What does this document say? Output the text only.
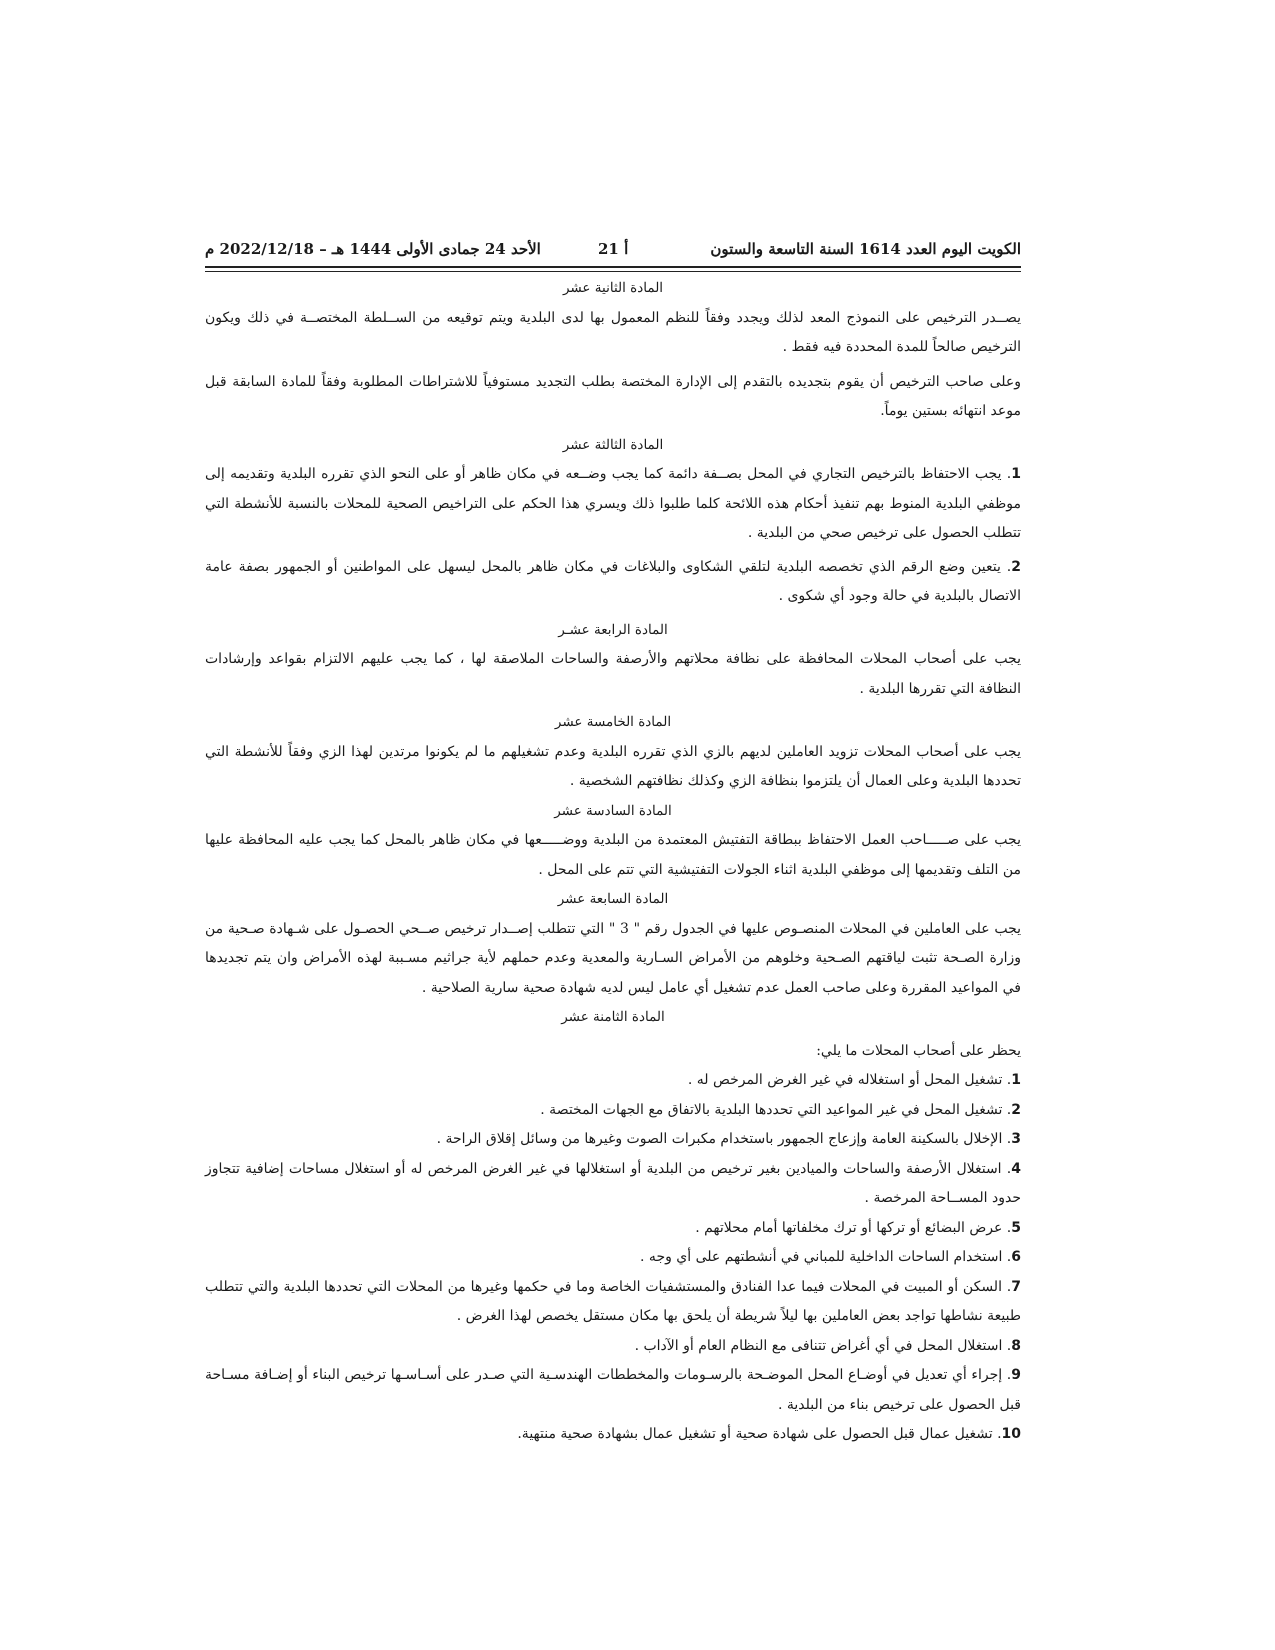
الكويت اليوم العدد 1614 السنة التاسعة والستون
أ 21
الأحد 24 جمادى الأولى 1444 هـ – 2022/12/18 م

المادة الثانية عشر

يصــدر الترخيص على النموذج المعد لذلك ويجدد وفقاً للنظم المعمول بها لدى البلدية ويتم توقيعه من الســلطة المختصــة في ذلك ويكون الترخيص صالحاً للمدة المحددة فيه فقط .

وعلى صاحب الترخيص أن يقوم بتجديده بالتقدم إلى الإدارة المختصة بطلب التجديد مستوفياً للاشتراطات المطلوبة وفقاً للمادة السابقة قبل موعد انتهائه بستين يوماً.

المادة الثالثة عشر

1. يجب الاحتفاظ بالترخيص التجاري في المحل بصــفة دائمة كما يجب وضــعه في مكان ظاهر أو على النحو الذي تقرره البلدية وتقديمه إلى موظفي البلدية المنوط بهم تنفيذ أحكام هذه اللائحة كلما طلبوا ذلك ويسري هذا الحكم على التراخيص الصحية للمحلات بالنسبة للأنشطة التي تتطلب الحصول على ترخيص صحي من البلدية .

2. يتعين وضع الرقم الذي تخصصه البلدية لتلقي الشكاوى والبلاغات في مكان ظاهر بالمحل ليسهل على المواطنين أو الجمهور بصفة عامة الاتصال بالبلدية في حالة وجود أي شكوى .

المادة الرابعة عشـر

يجب على أصحاب المحلات المحافظة على نظافة محلاتهم والأرصفة والساحات الملاصقة لها ، كما يجب عليهم الالتزام بقواعد وإرشادات النظافة التي تقررها البلدية .

المادة الخامسة عشر

يجب على أصحاب المحلات تزويد العاملين لديهم بالزي الذي تقرره البلدية وعدم تشغيلهم ما لم يكونوا مرتدين لهذا الزي وفقاً للأنشطة التي تحددها البلدية وعلى العمال أن يلتزموا بنظافة الزي وكذلك نظافتهم الشخصية .

المادة السادسة عشر

يجب على صـــــاحب العمل الاحتفاظ ببطاقة التفتيش المعتمدة من البلدية ووضـــــعها في مكان ظاهر بالمحل كما يجب عليه المحافظة عليها من التلف وتقديمها إلى موظفي البلدية اثناء الجولات التفتيشية التي تتم على المحل .

المادة السابعة عشر

يجب على العاملين في المحلات المنصـوص عليها في الجدول رقم " 3 " التي تتطلب إصــدار ترخيص صــحي الحصـول على شـهادة صـحية من وزارة الصـحة تثبت لياقتهم الصـحية وخلوهم من الأمراض السـارية والمعدية وعدم حملهم لأية جراثيم مسـببة لهذه الأمراض وان يتم تجديدها في المواعيد المقررة وعلى صاحب العمل عدم تشغيل أي عامل ليس لديه شهادة صحية سارية الصلاحية .

المادة الثامنة عشر

يحظر على أصحاب المحلات ما يلي:

1. تشغيل المحل أو استغلاله في غير الغرض المرخص له .

2. تشغيل المحل في غير المواعيد التي تحددها البلدية بالاتفاق مع الجهات المختصة .

3. الإخلال بالسكينة العامة وإزعاج الجمهور باستخدام مكبرات الصوت وغيرها من وسائل إقلاق الراحة .

4. استغلال الأرصفة والساحات والميادين بغير ترخيص من البلدية أو استغلالها في غير الغرض المرخص له أو استغلال مساحات إضافية تتجاوز حدود المســاحة المرخصة .

5. عرض البضائع أو تركها أو ترك مخلفاتها أمام محلاتهم .

6. استخدام الساحات الداخلية للمباني في أنشطتهم على أي وجه .

7. السكن أو المبيت في المحلات فيما عدا الفنادق والمستشفيات الخاصة وما في حكمها وغيرها من المحلات التي تحددها البلدية والتي تتطلب طبيعة نشاطها تواجد بعض العاملين بها ليلاً شريطة أن يلحق بها مكان مستقل يخصص لهذا الغرض .

8. استغلال المحل في أي أغراض تتنافى مع النظام العام أو الآداب .

9. إجراء أي تعديل في أوضـاع المحل الموضـحة بالرسـومات والمخططات الهندسـية التي صـدر على أسـاسـها ترخيص البناء أو إضـافة مسـاحة قبل الحصول على ترخيص بناء من البلدية .

10. تشغيل عمال قبل الحصول على شهادة صحية أو تشغيل عمال بشهادة صحية منتهية.
